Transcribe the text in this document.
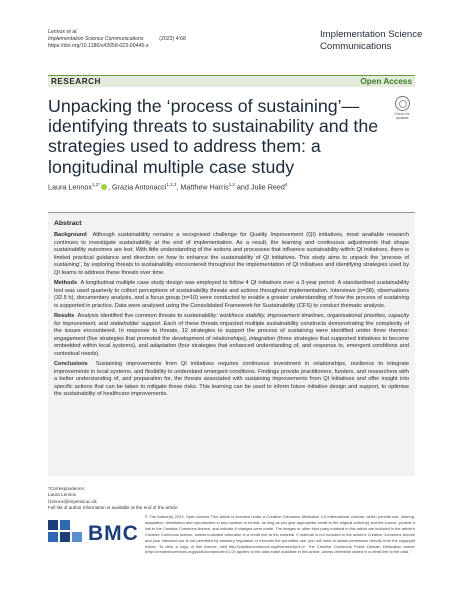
Lennox et al.
Implementation Science Communications	(2023) 4:68
https://doi.org/10.1186/s43058-023-00445-z
Implementation Science Communications
RESEARCH	Open Access
Check for updates
Unpacking the ‘process of sustaining’—identifying threats to sustainability and the strategies used to address them: a longitudinal multiple case study
Laura Lennox$^{1,2*}$ , Grazia Antonacci$^{1,2,3}$, Matthew Harris$^{1,2}$ and Julie Reed$^4$
Abstract

Background Although sustainability remains a recognised challenge for Quality Improvement (QI) initiatives, most available research continues to investigate sustainability at the end of implementation. As a result, the learning and continuous adjustments that shape sustainability outcomes are lost. With little understanding of the actions and processes that influence sustainability within QI initiatives, there is limited practical guidance and direction on how to enhance the sustainability of QI initiatives. This study aims to unpack the ‘process of sustaining’, by exploring threats to sustainability encountered throughout the implementation of QI initiatives and identifying strategies used by QI teams to address these threats over time.

Methods A longitudinal multiple case study design was employed to follow 4 QI initiatives over a 3-year period. A standardised sustainability tool was used quarterly to collect perceptions of sustainability threats and actions throughout implementation. Interviews (n=38), observations (32.5 h), documentary analysis, and a focus group (n=10) were conducted to enable a greater understanding of how the process of sustaining is supported in practice. Data were analysed using the Consolidated Framework for Sustainability (CFS) to conduct thematic analysis.

Results Analysis identified five common threats to sustainability: workforce stability, improvement timelines, organisational priorities, capacity for improvement, and stakeholder support. Each of these threats impacted multiple sustainability constructs demonstrating the complexity of the issues encountered. In response to threats, 12 strategies to support the process of sustaining were identified under three themes: engagement (five strategies that promoted the development of relationships), integration (three strategies that supported initiatives to become embedded within local systems), and adaptation (four strategies that enhanced understanding of, and response to, emergent conditions and contextual needs).

Conclusions Sustaining improvements from QI initiatives requires continuous investment in relationships, resilience to integrate improvements in local systems, and flexibility to understand emergent conditions. Findings provide practitioners, funders, and researchers with a better understanding of, and preparation for, the threats associated with sustaining improvements from QI initiatives and offer insight into specific actions that can be taken to mitigate these risks. This learning can be used to inform future initiative design and support, to optimise the sustainability of healthcare improvements.

*Correspondence:
Laura Lennox
l.lennox@imperial.ac.uk
Full list of author information is available at the end of the article
BMC
© The Author(s) 2023. Open Access This article is licensed under a Creative Commons Attribution 4.0 International License, which permits use, sharing, adaptation, distribution and reproduction in any medium or format, as long as you give appropriate credit to the original author(s) and the source, provide a link to the Creative Commons licence, and indicate if changes were made. The images or other third party material in this article are included in the article’s Creative Commons licence, unless indicated otherwise in a credit line to the material. If material is not included in the article’s Creative Commons licence and your intended use is not permitted by statutory regulation or exceeds the permitted use, you will need to obtain permission directly from the copyright holder. To view a copy of this licence, visit http://creativecommons.org/licenses/by/4.0/. The Creative Commons Public Domain Dedication waiver (http://creativecommons.org/publicdomain/zero/1.0/) applies to the data made available in this article, unless otherwise stated in a credit line to the data.
